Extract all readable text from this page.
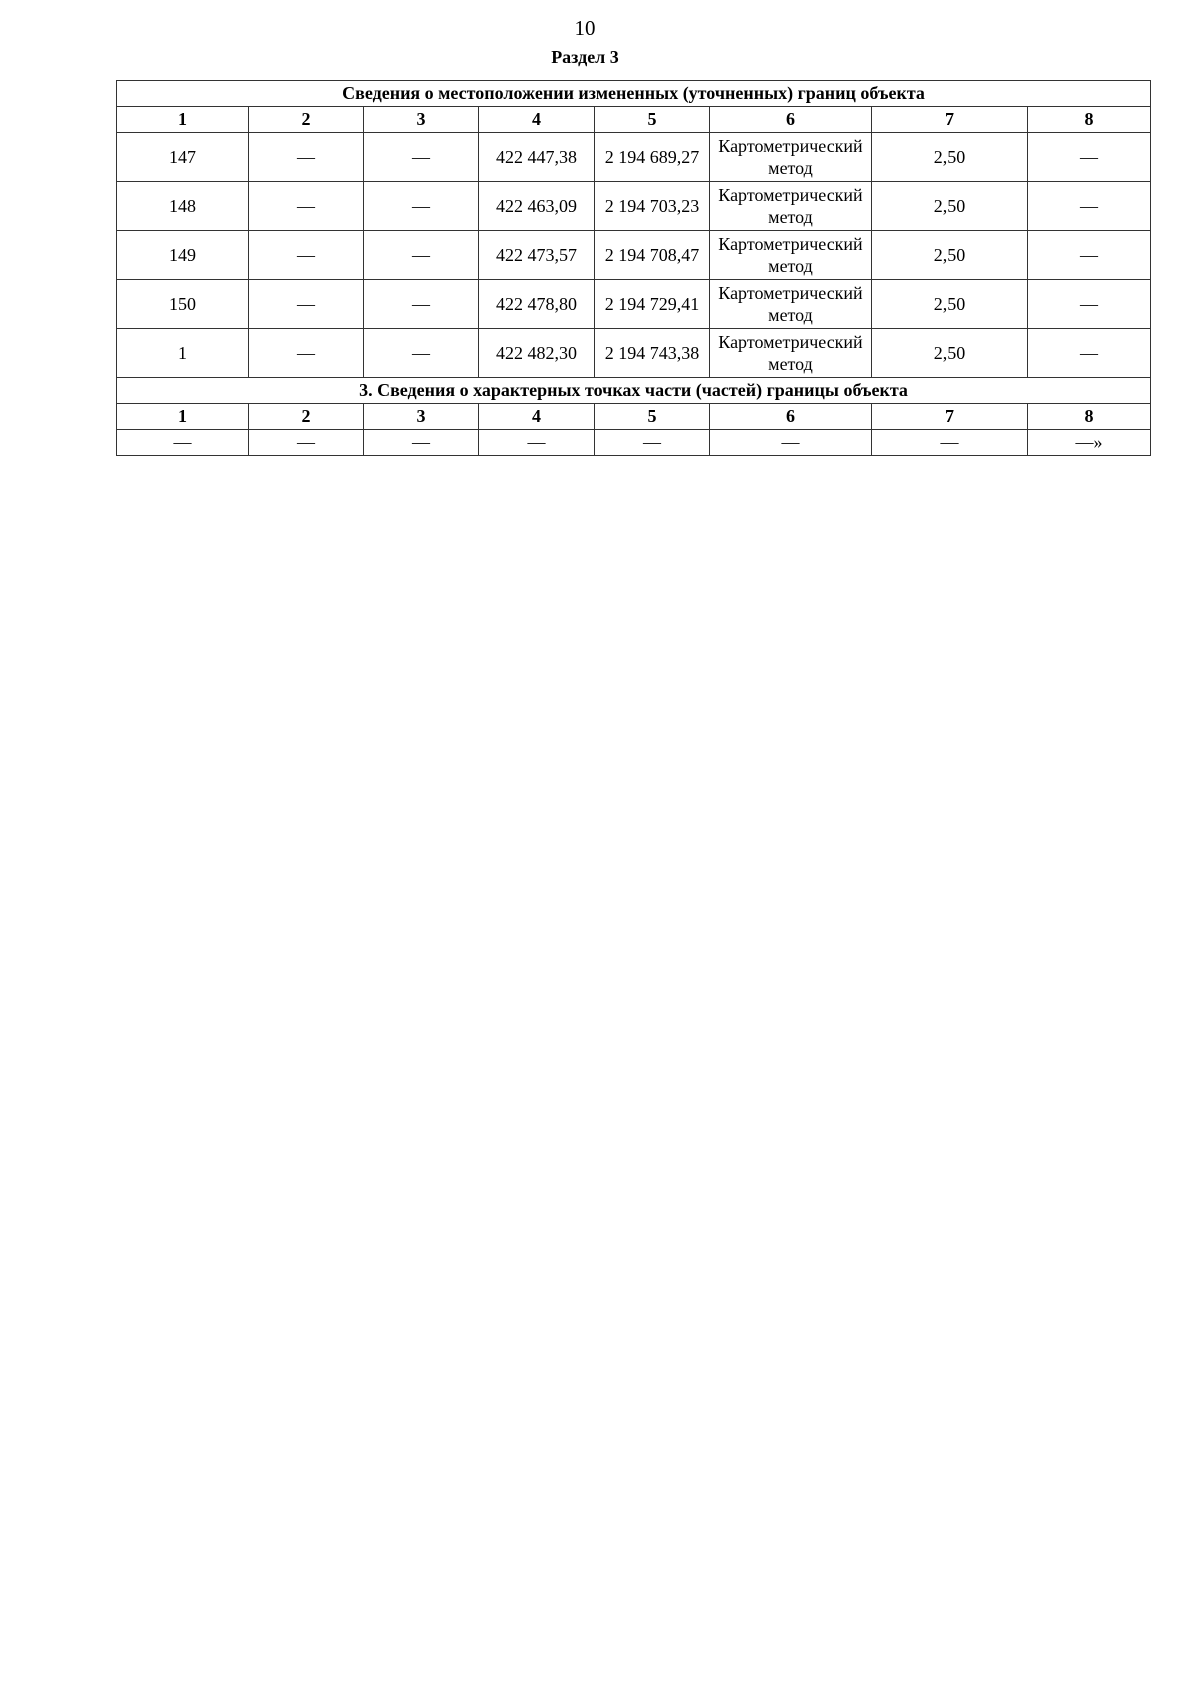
10
Раздел 3
Сведения о местоположении измененных (уточненных) границ объекта							
1	2	3	4	5	6	7	8
147	—	—	422 447,38	2 194 689,27	Картометрический метод	2,50	—
148	—	—	422 463,09	2 194 703,23	Картометрический метод	2,50	—
149	—	—	422 473,57	2 194 708,47	Картометрический метод	2,50	—
150	—	—	422 478,80	2 194 729,41	Картометрический метод	2,50	—
1	—	—	422 482,30	2 194 743,38	Картометрический метод	2,50	—
3. Сведения о характерных точках части (частей) границы объекта							
1	2	3	4	5	6	7	8
—	—	—	—	—	—	—	—»
